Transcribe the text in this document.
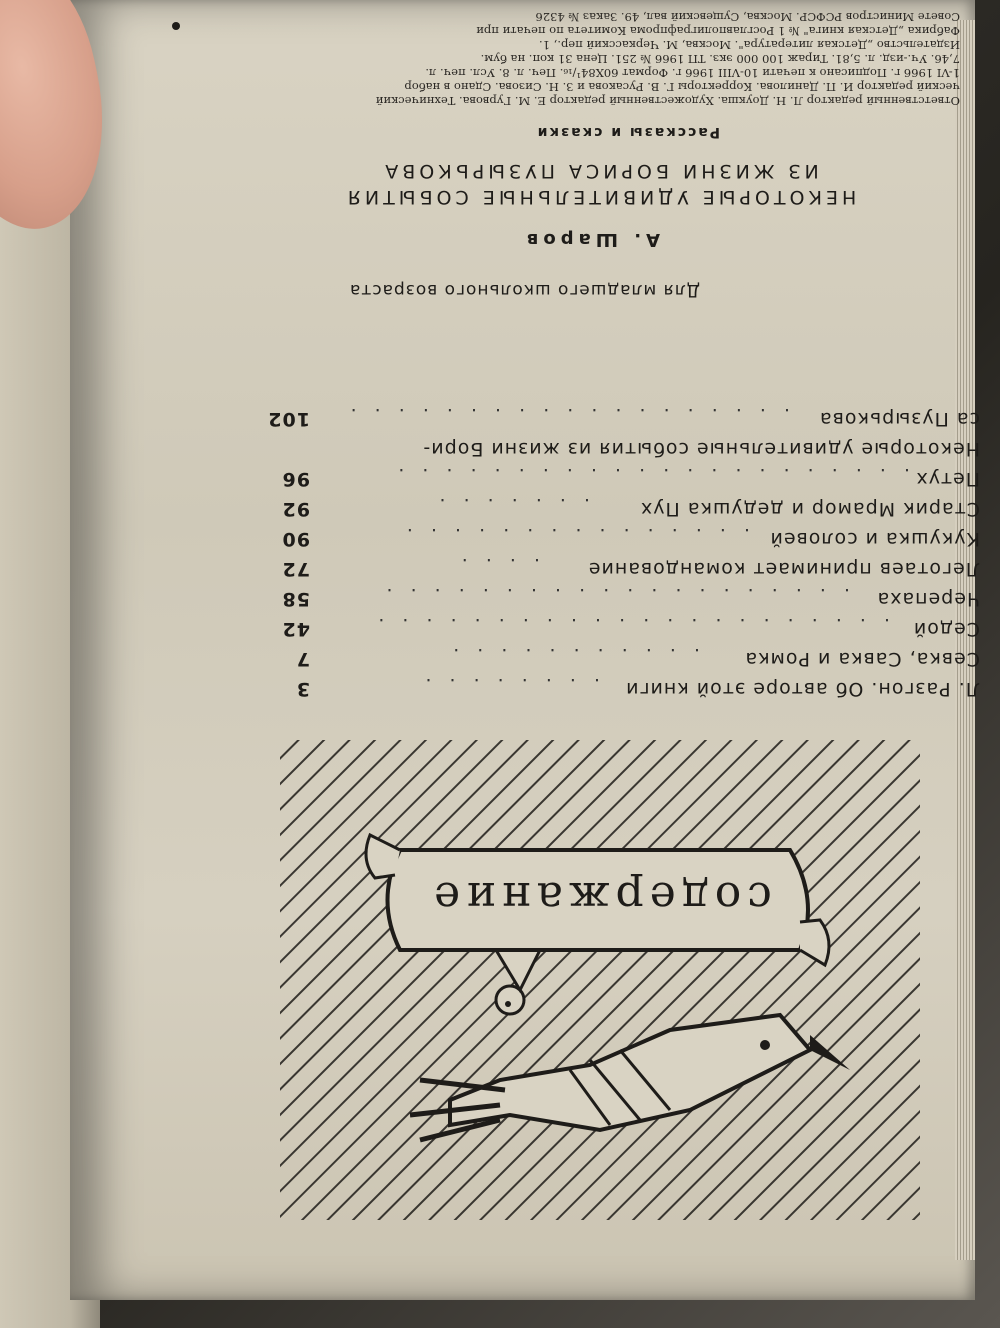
содержание
Л. Разгон. Об авторе этой книги
. . . . . . . .
3
Севка, Савка и Ромка
. . . . . . . . . . .
7
Седой
. . . . . . . . . . . . . . . . . . . . . .
42
Черепаха
. . . . . . . . . . . . . . . . . . . .
58
Леготаев принимает командование
. . . .
72
Кукушка и соловей
. . . . . . . . . . . . . . .
90
Старик Мрамор и дедушка Пух
. . . . . . .
92
Петух
. . . . . . . . . . . . . . . . . . . . . .
96
Некоторые удивительные события из жизни Бори-
са Пузырькова
. . . . . . . . . . . . . . . . . . .
102
Для младшего школьного возраста
А. Шаров
НЕКОТОРЫЕ УДИВИТЕЛЬНЫЕ СОБЫТИЯ
ИЗ ЖИЗНИ БОРИСА ПУЗЫРЬКОВА
Рассказы и сказки
Ответственный редактор Л. Н. Доукша. Художественный редактор Е. М. Гурвова. Технический
ческий редактор И. П. Данилова. Корректоры Г. В. Русакова и З. Н. Сизова. Сдано в набор
1-VI 1966 г. Подписано к печати 10-VIII 1966 г. Формат 60X84¹/₁₆. Печ. л. 8. Усл. печ. л.
7,46. Уч.-изд. л. 5,81. Тираж 100 000 экз. ТП 1966 № 251. Цена 31 коп. на бум.
Издательство „Детская литература". Москва, М. Черкасский пер., 1.
Фабрика „Детская книга" № 1 Росглавполиграфпрома Комитета по печати при
Совете Министров РСФСР. Москва, Сущевский вал, 49. Заказ № 4326
